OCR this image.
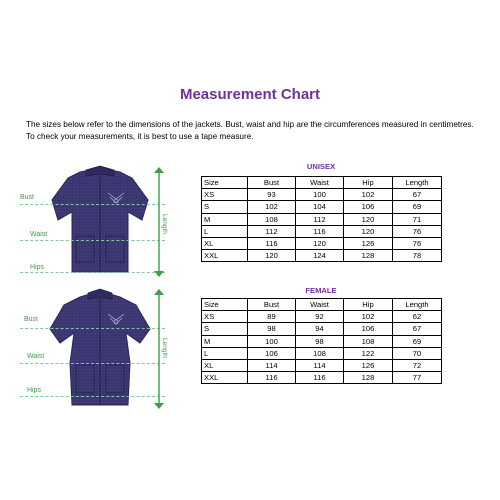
Measurement Chart
The sizes below refer to the dimensions of the jackets. Bust, waist and hip are the circumferences measured in centimetres. To check your measurements, it is best to use a tape measure.
Bust
Waist
Hips
Length
Bust
Waist
Hips
Length
UNISEX
Size	Bust	Waist	Hip	Length
XS	93	100	102	67
S	102	104	106	69
M	108	112	120	71
L	112	116	120	76
XL	116	120	126	76
XXL	120	124	128	78
FEMALE
Size	Bust	Waist	Hip	Length
XS	89	92	102	62
S	98	94	106	67
M	100	98	108	69
L	106	108	122	70
XL	114	114	126	72
XXL	116	116	128	77
